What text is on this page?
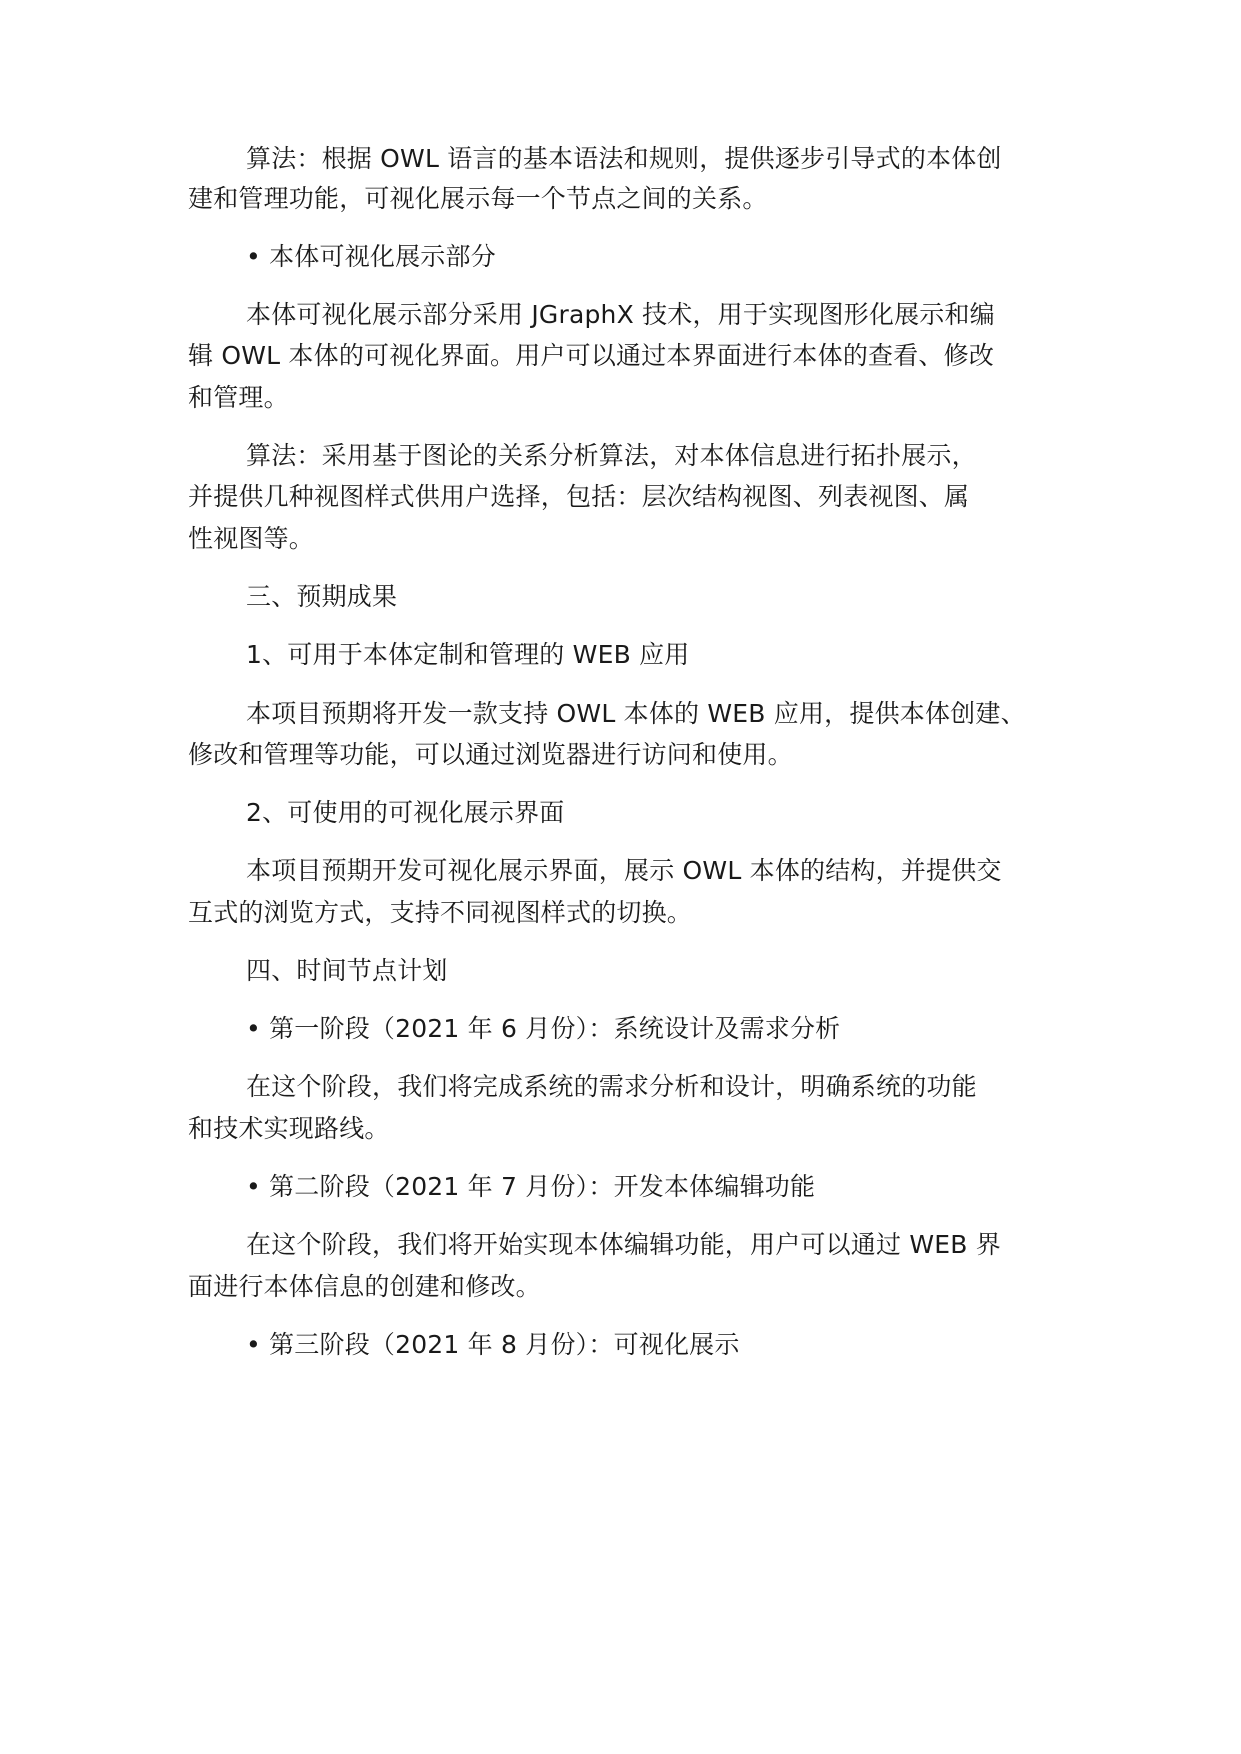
算法：根据 OWL 语言的基本语法和规则，提供逐步引导式的本体创
建和管理功能，可视化展示每一个节点之间的关系。
• 本体可视化展示部分
本体可视化展示部分采用 JGraphX 技术，用于实现图形化展示和编
辑 OWL 本体的可视化界面。用户可以通过本界面进行本体的查看、修改
和管理。
算法：采用基于图论的关系分析算法，对本体信息进行拓扑展示，
并提供几种视图样式供用户选择，包括：层次结构视图、列表视图、属
性视图等。
三、预期成果
1、可用于本体定制和管理的 WEB 应用
本项目预期将开发一款支持 OWL 本体的 WEB 应用，提供本体创建、
修改和管理等功能，可以通过浏览器进行访问和使用。
2、可使用的可视化展示界面
本项目预期开发可视化展示界面，展示 OWL 本体的结构，并提供交
互式的浏览方式，支持不同视图样式的切换。
四、时间节点计划
• 第一阶段（2021 年 6 月份）：系统设计及需求分析
在这个阶段，我们将完成系统的需求分析和设计，明确系统的功能
和技术实现路线。
• 第二阶段（2021 年 7 月份）：开发本体编辑功能
在这个阶段，我们将开始实现本体编辑功能，用户可以通过 WEB 界
面进行本体信息的创建和修改。
• 第三阶段（2021 年 8 月份）：可视化展示
